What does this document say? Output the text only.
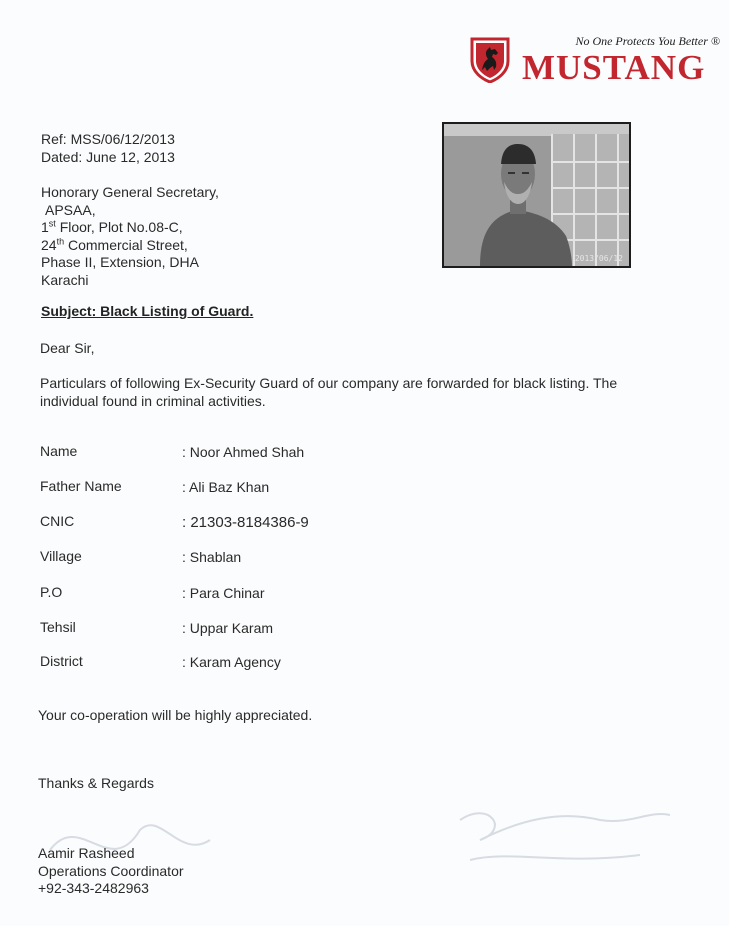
No One Protects You Better ®
MUSTANG
Ref: MSS/06/12/2013
Dated: June 12, 2013
Honorary General Secretary,
APSAA,
1st Floor, Plot No.08-C,
24th Commercial Street,
Phase II, Extension, DHA
Karachi
2013/06/12
Subject: Black Listing of Guard.
Dear Sir,
Particulars of following Ex-Security Guard of our company are forwarded for black listing. The
individual found in criminal activities.
Name	: Noor Ahmed Shah
Father Name	: Ali Baz Khan
CNIC	: 21303-8184386-9
Village	: Shablan
P.O	: Para Chinar
Tehsil	: Uppar Karam
District	: Karam Agency
Your co-operation will be highly appreciated.
Thanks & Regards
Aamir Rasheed
Operations Coordinator
+92-343-2482963
